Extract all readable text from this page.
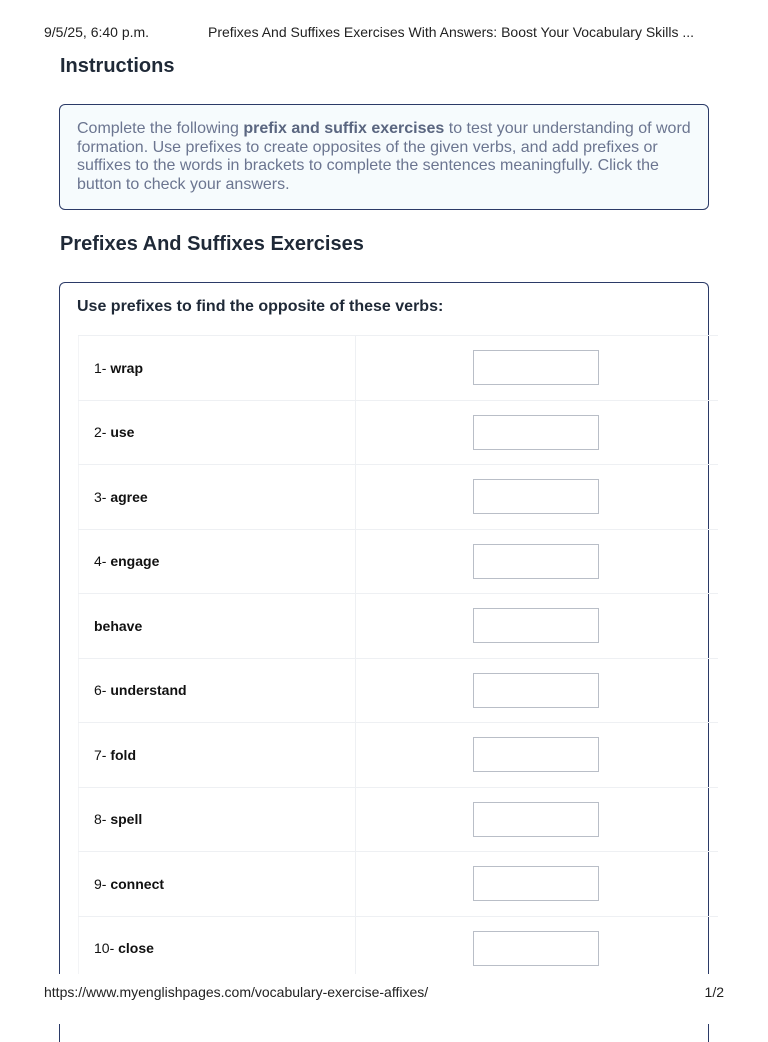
9/5/25, 6:40 p.m.	Prefixes And Suffixes Exercises With Answers: Boost Your Vocabulary Skills ...
Instructions
Complete the following prefix and suffix exercises to test your understanding of word formation. Use prefixes to create opposites of the given verbs, and add prefixes or suffixes to the words in brackets to complete the sentences meaningfully. Click the button to check your answers.
Prefixes And Suffixes Exercises

Use prefixes to find the opposite of these verbs:

1- wrap	

2- use	

3- agree	

4- engage	

behave	

6- understand	

7- fold	

8- spell	

9- connect	

10- close	
https://www.myenglishpages.com/vocabulary-exercise-affixes/	1/2
